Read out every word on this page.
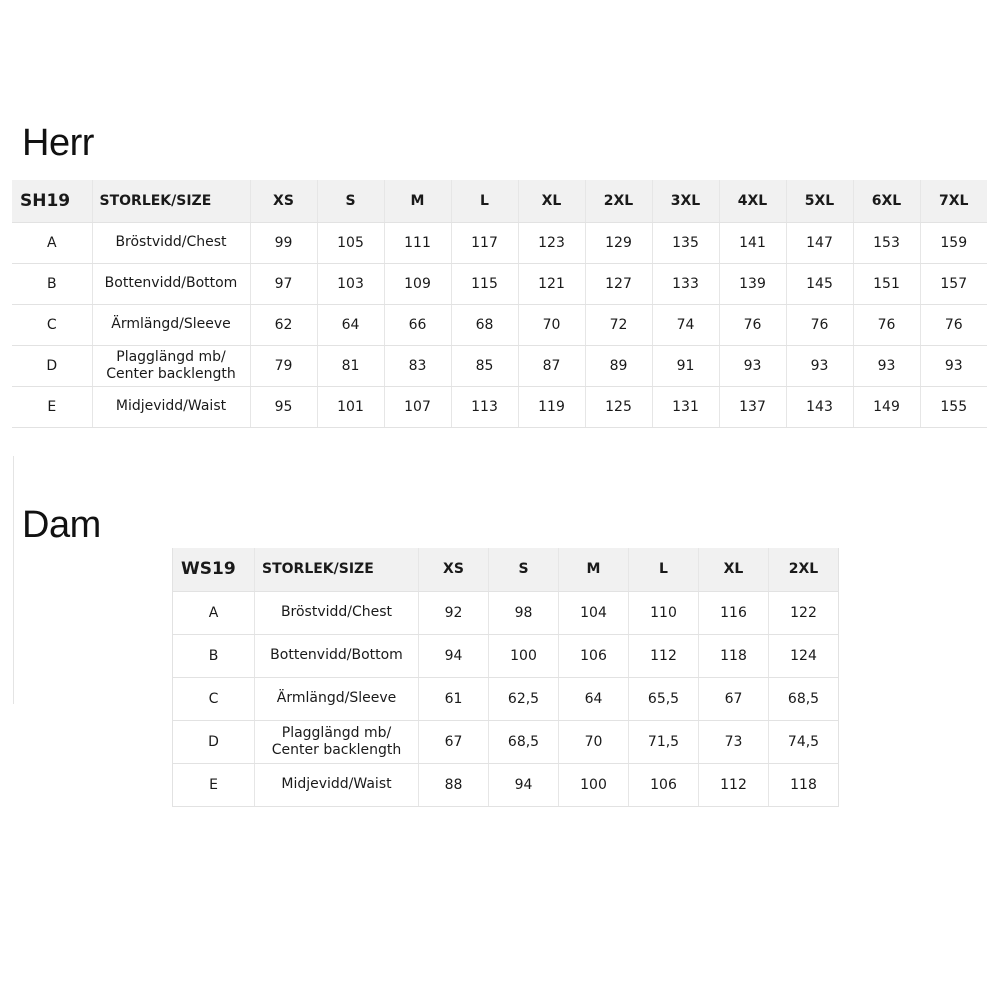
Herr
SH19	STORLEK/SIZE	XS	S	M	L	XL	2XL	3XL	4XL	5XL	6XL	7XL
A	Bröstvidd/Chest	99	105	111	117	123	129	135	141	147	153	159
B	Bottenvidd/Bottom	97	103	109	115	121	127	133	139	145	151	157
C	Ärmlängd/Sleeve	62	64	66	68	70	72	74	76	76	76	76
D	Plagglängd mb/
Center backlength	79	81	83	85	87	89	91	93	93	93	93
E	Midjevidd/Waist	95	101	107	113	119	125	131	137	143	149	155
Dam
WS19	STORLEK/SIZE	XS	S	M	L	XL	2XL
A	Bröstvidd/Chest	92	98	104	110	116	122
B	Bottenvidd/Bottom	94	100	106	112	118	124
C	Ärmlängd/Sleeve	61	62,5	64	65,5	67	68,5
D	Plagglängd mb/
Center backlength	67	68,5	70	71,5	73	74,5
E	Midjevidd/Waist	88	94	100	106	112	118
